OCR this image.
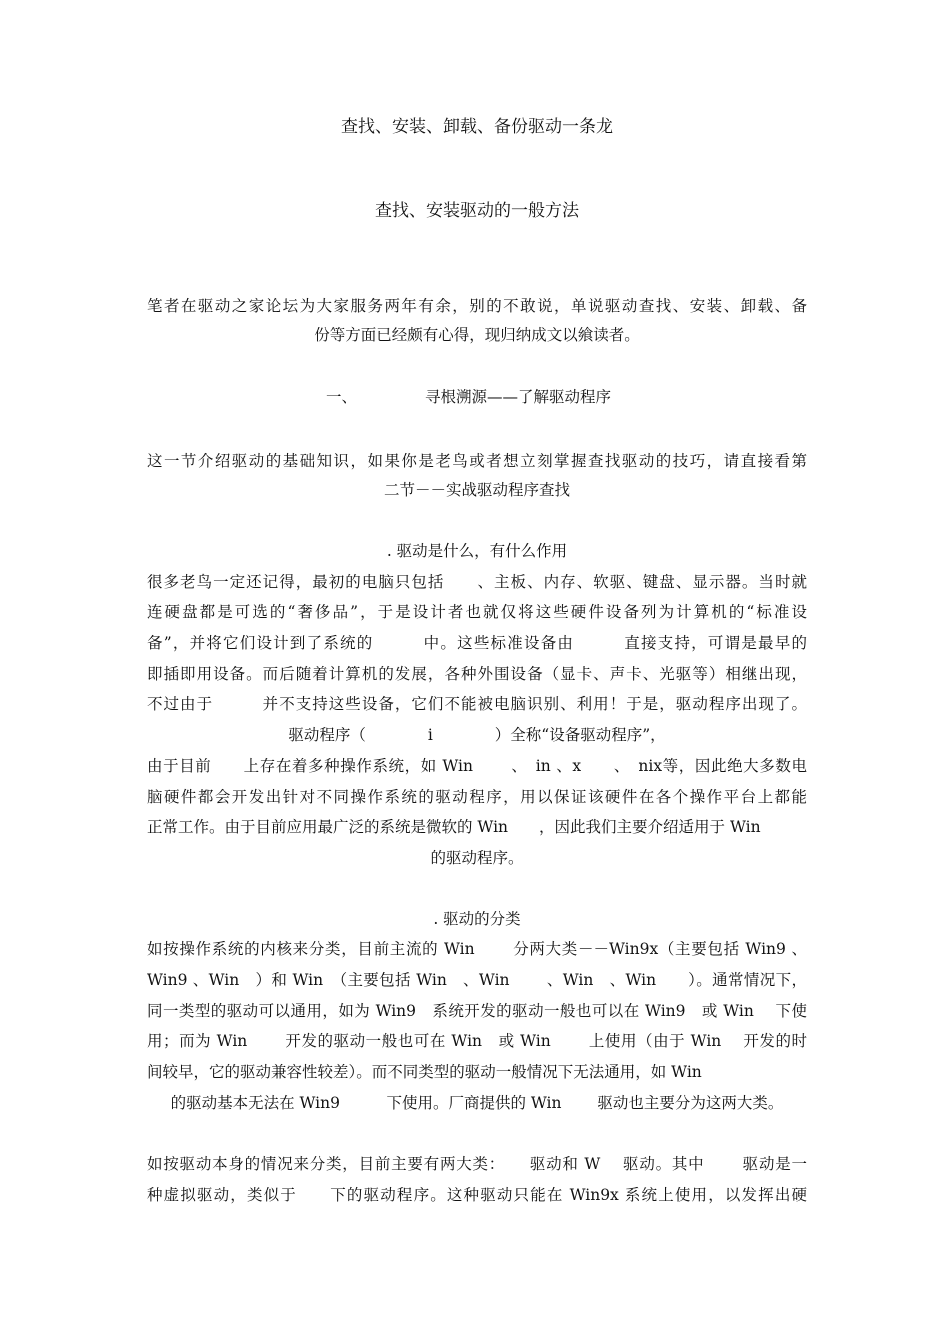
查找、安装、卸载、备份驱动一条龙
查找、安装驱动的一般方法
笔者在驱动之家论坛为大家服务两年有余，别的不敢说，单说驱动查找、安装、卸载、备
份等方面已经颇有心得，现归纳成文以飨读者。
一、	寻根溯源——了解驱动程序
这一节介绍驱动的基础知识，如果你是老鸟或者想立刻掌握查找驱动的技巧，请直接看第
二节－－实战驱动程序查找
. 驱动是什么，有什么作用
很多老鸟一定还记得，最初的电脑只包括　　、主板、内存、软驱、键盘、显示器。当时就
连硬盘都是可选的“奢侈品”，于是设计者也就仅将这些硬件设备列为计算机的“标准设
备”，并将它们设计到了系统的　　　中。这些标准设备由　　　直接支持，可谓是最早的
即插即用设备。而后随着计算机的发展，各种外围设备（显卡、声卡、光驱等）相继出现，
不过由于　　　并不支持这些设备，它们不能被电脑识别、利用！于是，驱动程序出现了。
驱动程序（　　　　i　　　　）全称“设备驱动程序”，
由于目前　　上存在着多种操作系统，如 Win　　 、　in 、x　　、　nix等，因此绝大多数电
脑硬件都会开发出针对不同操作系统的驱动程序，用以保证该硬件在各个操作平台上都能
正常工作。由于目前应用最广泛的系统是微软的 Win　　，因此我们主要介绍适用于 Win
的驱动程序。
. 驱动的分类
如按操作系统的内核来分类，目前主流的 Win　　 分两大类－－Win9x（主要包括 Win9 、
Win9 、Win　）和 Win　（主要包括 Win　、Win　　 、Win　、Win　　）。通常情况下，
同一类型的驱动可以通用，如为 Win9　系统开发的驱动一般也可以在 Win9　或 Win　 下使
用；而为 Win　　 开发的驱动一般也可在 Win　或 Win　　 上使用（由于 Win　 开发的时
间较早，它的驱动兼容性较差）。而不同类型的驱动一般情况下无法通用，如 Win
的驱动基本无法在 Win9　　　下使用。厂商提供的 Win　　 驱动也主要分为这两大类。
如按驱动本身的情况来分类，目前主要有两大类：　　驱动和 W　 驱动。其中　　 驱动是一
种虚拟驱动，类似于　　下的驱动程序。这种驱动只能在 Win9x 系统上使用，以发挥出硬
